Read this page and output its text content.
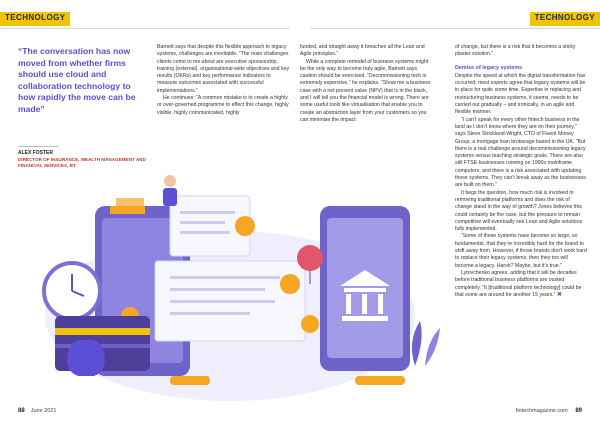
TECHNOLOGY	TECHNOLOGY
“The conversation has now moved from whether firms should use cloud and collaboration technology to how rapidly the move can be made”
ALEX FOSTER
DIRECTOR OF INSURANCE, WEALTH MANAGEMENT AND FINANCIAL SERVICES, BT

Barnett says that despite this flexible approach to legacy systems, challenges are inevitable. “The main challenges clients come to me about are executive sponsorship, training (external), organisational-wide objectives and key results (OKRs) and key performance indicators to measure outcomes associated with successful implementations.”

He continues: “A common mistake is to create a highly or over-governed programme to effect this change, highly visible, highly communicated, highly

funded, and straight away it breaches all the Lean and Agile principles.”

While a complete remodel of business systems might be the only way to become truly agile, Barnett says caution should be exercised. “Decommissioning tech is extremely expensive,” he explains. “Show me a business case with a net present value (NPV) that is in the black, and I will tell you the financial model is wrong. There are some useful tools like virtualisation that enable you to create an abstraction layer from your customers so you can minimise the impact

of change, but there is a risk that it becomes a sticky plaster solution.”

Demise of legacy systems

Despite the speed at which the digital transformation has occurred, most experts agree that legacy systems will be in place for quite some time. Expertise in replacing and restructuring business systems, it seems, needs to be carried out gradually – and ironically, in an agile and flexible manner.

“I can’t speak for every other fintech business in the land as I don’t know where they are on their journey,” says Steve Strickland-Wright, CTO of Fluent Money Group, a mortgage loan brokerage based in the UK. “But there is a real challenge around decommissioning legacy systems versus teaching strategic goals. There are also still FTSE businesses running on 1990s mainframe computers, and there is a risk associated with updating those systems. They can’t break away as the businesses are built on them.”

It begs the question, how much risk is involved in removing traditional platforms and does the risk of change stand in the way of growth? Jones believes this could certainly be the case, but the pressure to remain competitive will eventually see Lean and Agile solutions fully implemented.

“Some of these systems have become so large, so fundamental, that they’re incredibly hard for the brand to shift away from. However, if those brands don’t work hard to replace their legacy systems, then they too will become a legacy. Harsh? Maybe, but it’s true.”

Lytovchenko agrees, adding that it will be decades before traditional business platforms are ousted completely. “It [traditional platform technology] could be that some are around for another 15 years.” ✖

88 June 2021	fintechmagazine.com 89
